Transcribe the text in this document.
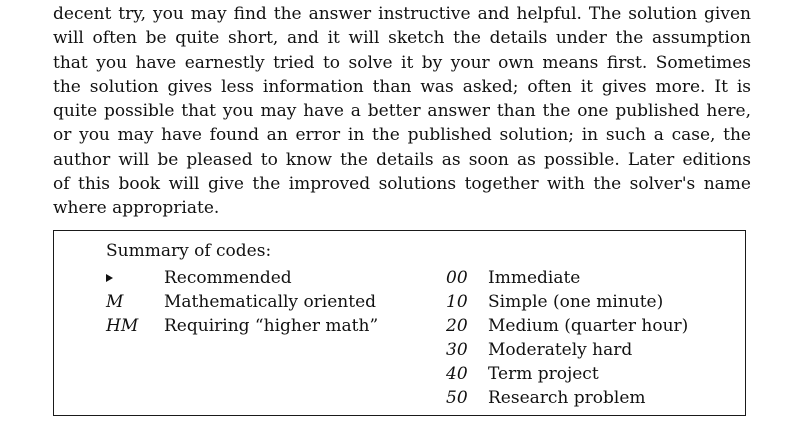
decent try, you may find the answer instructive and helpful. The solution given
will often be quite short, and it will sketch the details under the assumption
that you have earnestly tried to solve it by your own means first. Sometimes
the solution gives less information than was asked; often it gives more. It is
quite possible that you may have a better answer than the one published here,
or you may have found an error in the published solution; in such a case, the
author will be pleased to know the details as soon as possible. Later editions
of this book will give the improved solutions together with the solver's name
where appropriate.
Summary of codes:
Recommended
M Mathematically oriented
HM Requiring “higher math”
00 Immediate
10 Simple (one minute)
20 Medium (quarter hour)
30 Moderately hard
40 Term project
50 Research problem
